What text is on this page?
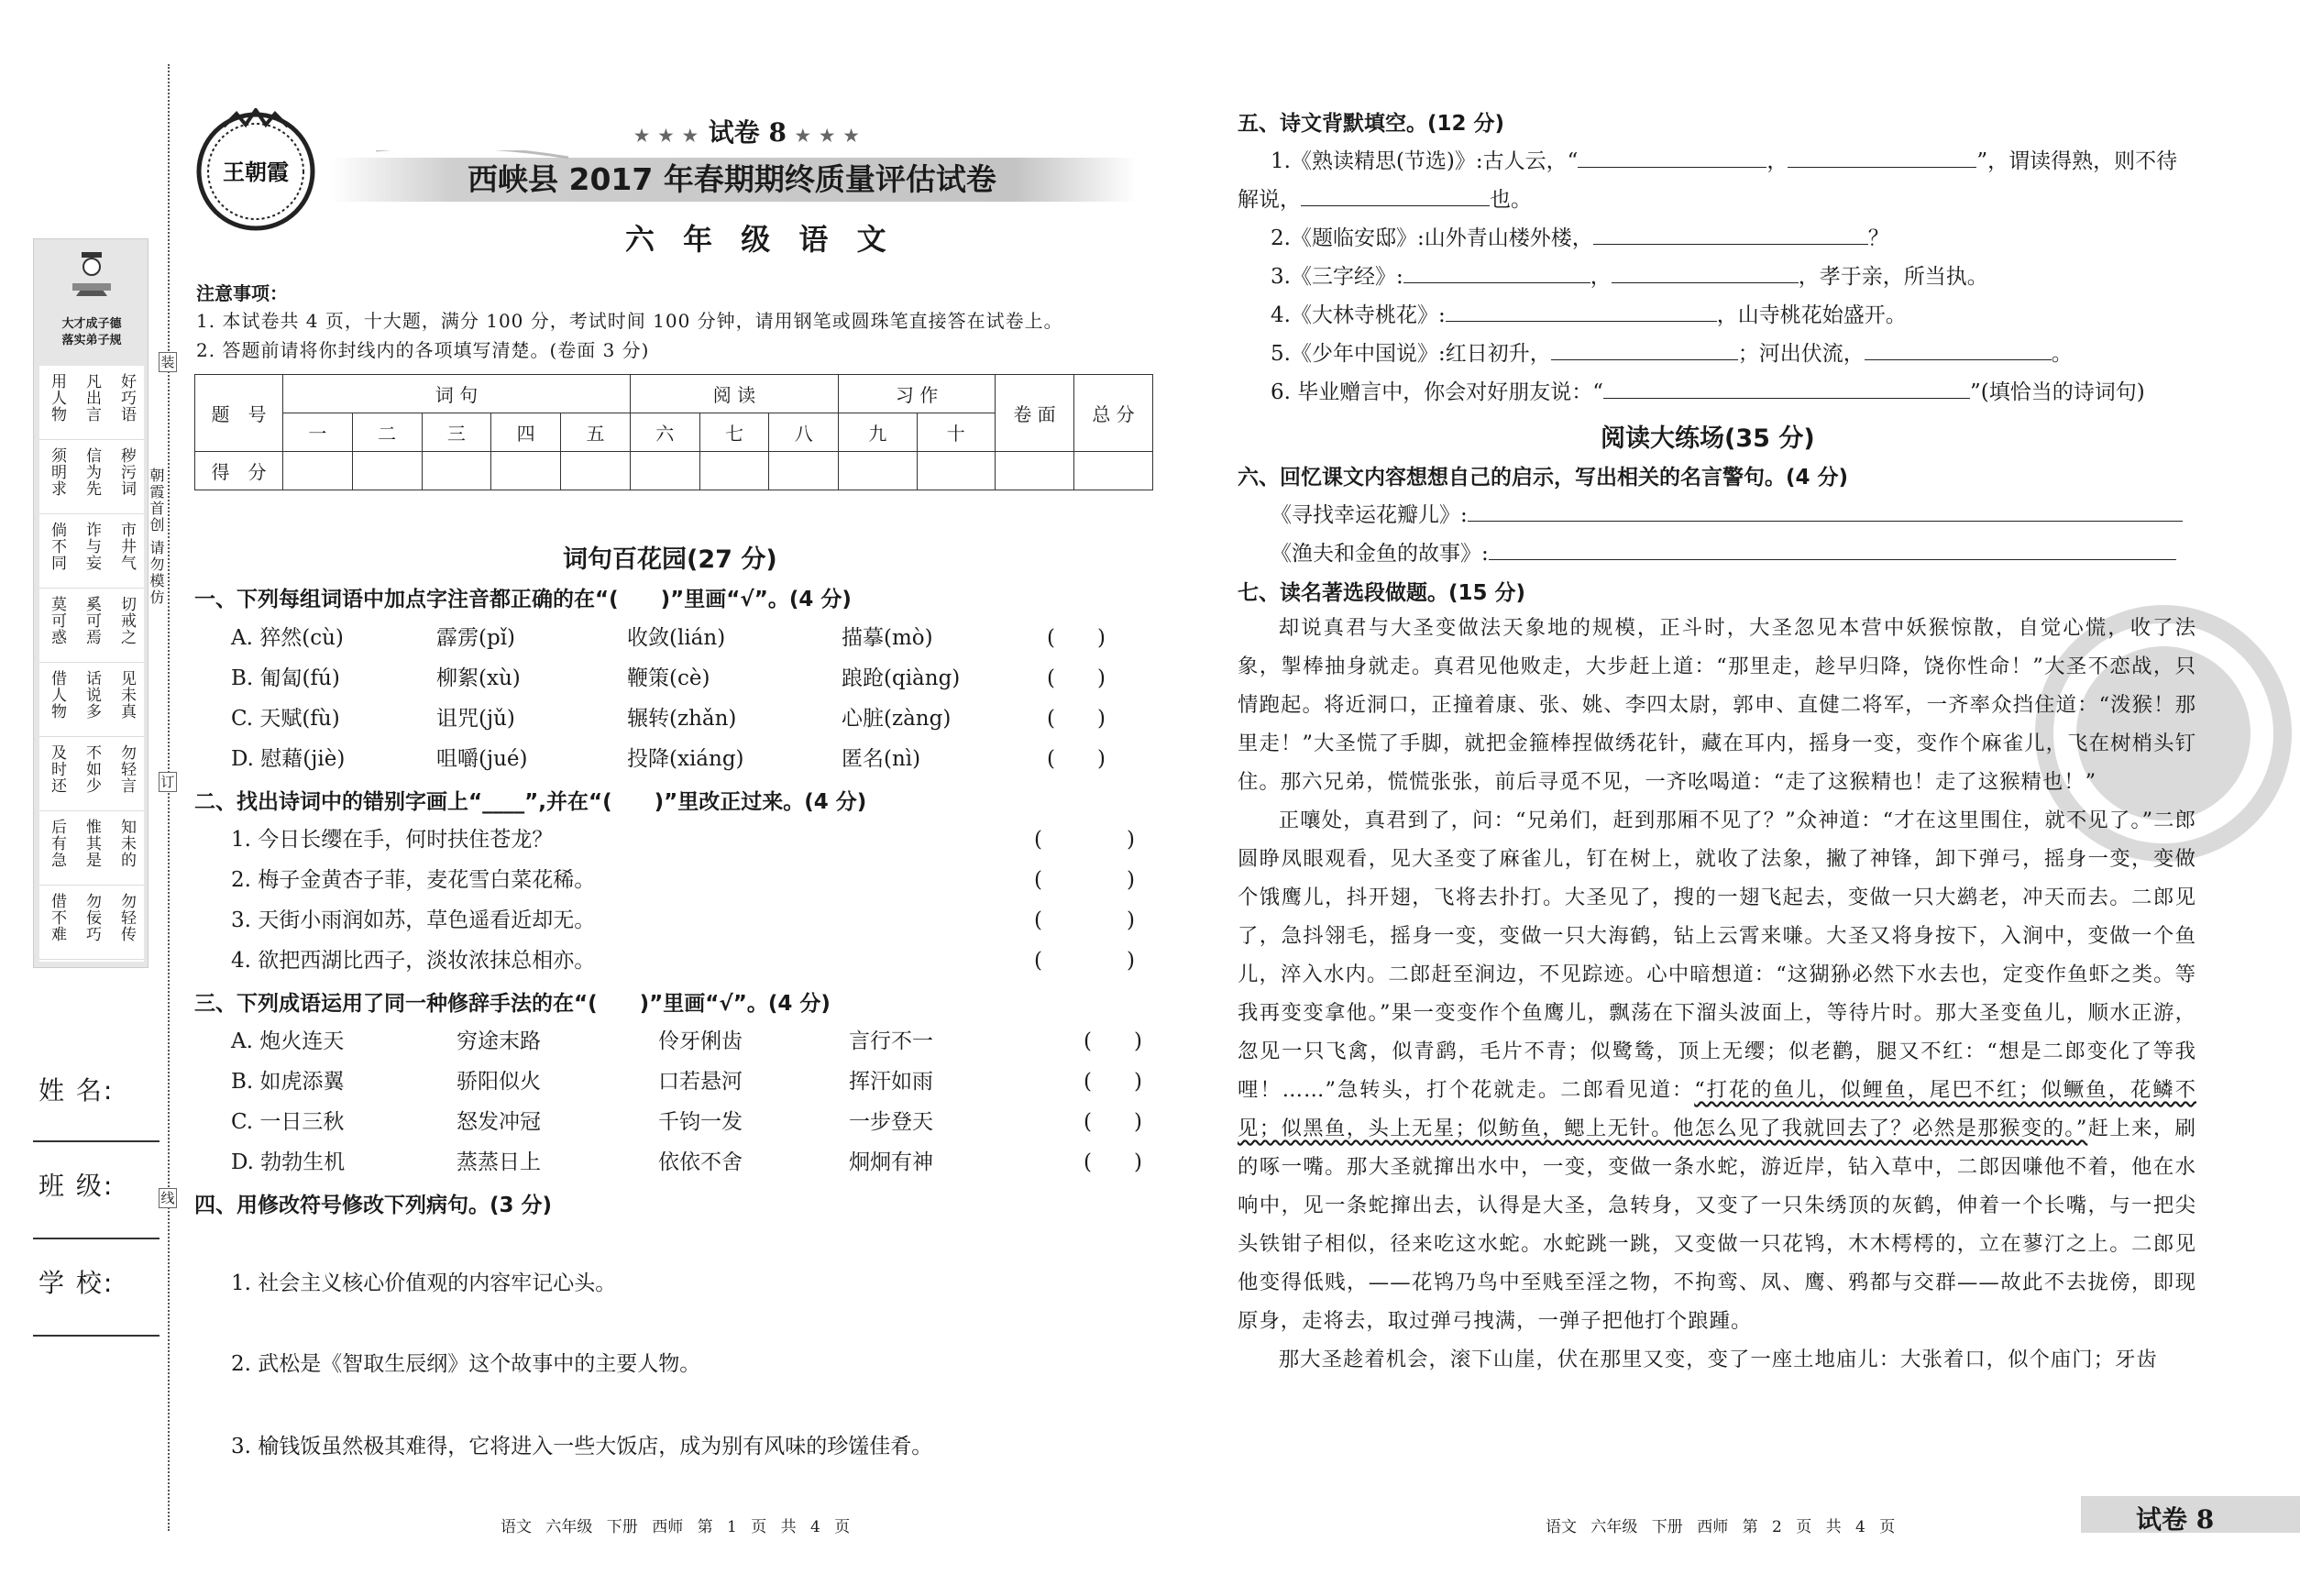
大才成子德
落实弟子规
用人物 凡出言 好巧语
须明求 信为先 秽污词
倘不同 诈与妄 市井气
莫可惑 奚可焉 切戒之
借人物 话说多 见未真
及时还 不如少 勿轻言
后有急 惟其是 知未的
借不难 勿佞巧 勿轻传
装
订
线
朝霞首创 请勿模仿
姓 名:
班 级:
学 校:
王朝霞
★ ★ ★ 试卷 8 ★ ★ ★
西峡县 2017 年春期期终质量评估试卷
六 年 级 语 文
注意事项：
1. 本试卷共 4 页，十大题，满分 100 分，考试时间 100 分钟，请用钢笔或圆珠笔直接答在试卷上。
2. 答题前请将你封线内的各项填写清楚。(卷面 3 分)
题　号	词 句					阅 读			习 作		卷 面	总 分
	一	二	三	四	五	六	七	八	九	十		
得　分												
词句百花园(27 分)
一、下列每组词语中加点字注音都正确的在“(　　)”里画“√”。(4 分)
A. 猝然(cù)	霹雳(pǐ)	收敛(lián)	描摹(mò)	(　　)
B. 匍匐(fú)	柳絮(xù)	鞭策(cè)	踉跄(qiàng)	(　　)
C. 天赋(fù)	诅咒(jǔ)	辗转(zhǎn)	心脏(zàng)	(　　)
D. 慰藉(jiè)	咀嚼(jué)	投降(xiáng)	匿名(nì)	(　　)
二、找出诗词中的错别字画上“____”,并在“(　　)”里改正过来。(4 分)
1. 今日长缨在手，何时扶住苍龙？	(　　　　)
2. 梅子金黄杏子菲，麦花雪白菜花稀。	(　　　　)
3. 天街小雨润如苏，草色遥看近却无。	(　　　　)
4. 欲把西湖比西子，淡妆浓抹总相亦。	(　　　　)
三、下列成语运用了同一种修辞手法的在“(　　)”里画“√”。(4 分)
A. 炮火连天	穷途末路	伶牙俐齿	言行不一	(　　)
B. 如虎添翼	骄阳似火	口若悬河	挥汗如雨	(　　)
C. 一日三秋	怒发冲冠	千钧一发	一步登天	(　　)
D. 勃勃生机	蒸蒸日上	依依不舍	炯炯有神	(　　)
四、用修改符号修改下列病句。(3 分)
1. 社会主义核心价值观的内容牢记心头。
2. 武松是《智取生辰纲》这个故事中的主要人物。
3. 榆钱饭虽然极其难得，它将进入一些大饭店，成为别有风味的珍馐佳肴。
语文 六年级 下册 西师 第 1 页 共 4 页
五、诗文背默填空。(12 分)
1.《熟读精思(节选)》:古人云，“	，	”，谓读得熟，则不待
解说，	也。
2.《题临安邸》:山外青山楼外楼，	？
3.《三字经》:	，	，孝于亲，所当执。
4.《大林寺桃花》:	，山寺桃花始盛开。
5.《少年中国说》:红日初升，	；河出伏流，	。
6. 毕业赠言中，你会对好朋友说：“	”(填恰当的诗词句)
阅读大练场(35 分)
六、回忆课文内容想想自己的启示，写出相关的名言警句。(4 分)
《寻找幸运花瓣儿》:
《渔夫和金鱼的故事》:
七、读名著选段做题。(15 分)

却说真君与大圣变做法天象地的规模，正斗时，大圣忽见本营中妖猴惊散，自觉心慌，收了法象，掣棒抽身就走。真君见他败走，大步赶上道：“那里走，趁早归降，饶你性命！”大圣不恋战，只情跑起。将近洞口，正撞着康、张、姚、李四太尉，郭申、直健二将军，一齐率众挡住道：“泼猴！那里走！”大圣慌了手脚，就把金箍棒捏做绣花针，藏在耳内，摇身一变，变作个麻雀儿，飞在树梢头钉住。那六兄弟，慌慌张张，前后寻觅不见，一齐吆喝道：“走了这猴精也！走了这猴精也！”

正嚷处，真君到了，问：“兄弟们，赶到那厢不见了？”众神道：“才在这里围住，就不见了。”二郎圆睁凤眼观看，见大圣变了麻雀儿，钉在树上，就收了法象，撇了神锋，卸下弹弓，摇身一变，变做个饿鹰儿，抖开翅，飞将去扑打。大圣见了，搜的一翅飞起去，变做一只大鹚老，冲天而去。二郎见了，急抖翎毛，摇身一变，变做一只大海鹤，钻上云霄来嗛。大圣又将身按下，入涧中，变做一个鱼儿，淬入水内。二郎赶至涧边，不见踪迹。心中暗想道：“这猢狲必然下水去也，定变作鱼虾之类。等我再变变拿他。”果一变变作个鱼鹰儿，飘荡在下溜头波面上，等待片时。那大圣变鱼儿，顺水正游，忽见一只飞禽，似青鹞，毛片不青；似鹭鸶，顶上无缨；似老鹳，腿又不红：“想是二郎变化了等我哩！……”急转头，打个花就走。二郎看见道：“打花的鱼儿，似鲤鱼，尾巴不红；似鳜鱼，花鳞不见；似黑鱼，头上无星；似鲂鱼，鳃上无针。他怎么见了我就回去了？必然是那猴变的。”赶上来，刷的啄一嘴。那大圣就撺出水中，一变，变做一条水蛇，游近岸，钻入草中，二郎因嗛他不着，他在水响中，见一条蛇撺出去，认得是大圣，急转身，又变了一只朱绣顶的灰鹤，伸着一个长嘴，与一把尖头铁钳子相似，径来吃这水蛇。水蛇跳一跳，又变做一只花鸨，木木樗樗的，立在蓼汀之上。二郎见他变得低贱，——花鸨乃鸟中至贱至淫之物，不拘鸾、凤、鹰、鸦都与交群——故此不去拢傍，即现原身，走将去，取过弹弓拽满，一弹子把他打个踉踵。

那大圣趁着机会，滚下山崖，伏在那里又变，变了一座土地庙儿：大张着口，似个庙门；牙齿

语文 六年级 下册 西师 第 2 页 共 4 页	试卷 8
